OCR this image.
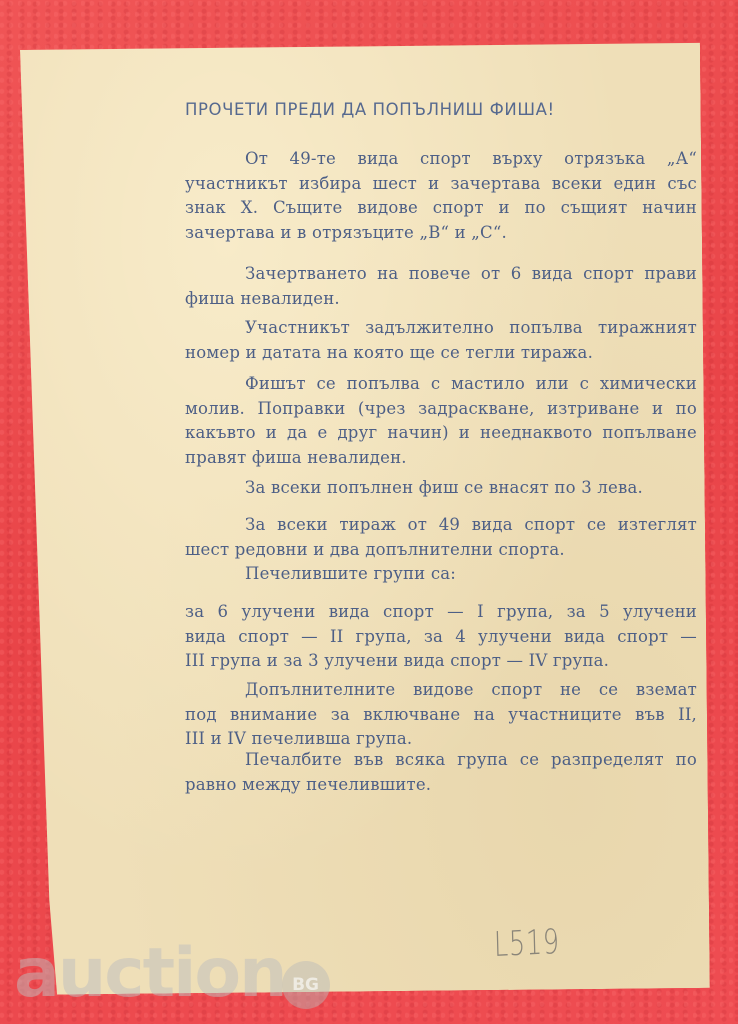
ПРОЧЕТИ ПРЕДИ ДА ПОПЪЛНИШ ФИША!
От 49-те вида спорт върху отрязъка „А“
участникът избира шест и зачертава всеки един със
знак Х. Същите видове спорт и по същият начин
зачертава и в отрязъците „В“ и „С“.
Зачертването на повече от 6 вида спорт прави
фиша невалиден.
Участникът задължително попълва тиражният
номер и датата на която ще се тегли тиража.
Фишът се попълва с мастило или с химически
молив. Поправки (чрез задраскване, изтриване и по
какъвто и да е друг начин) и нееднаквото попълване
правят фиша невалиден.
За всеки попълнен фиш се внасят по 3 лева.
За всеки тираж от 49 вида спорт се изтеглят
шест редовни и два допълнителни спорта.
Печелившите групи са:
за 6 улучени вида спорт — I група, за 5 улучени
вида спорт — II група, за 4 улучени вида спорт —
III група и за 3 улучени вида спорт — IV група.
Допълнителните видове спорт не се вземат
под внимание за включване на участниците във II,
III и IV печеливша група.
Печалбите във всяка група се разпределят по
равно между печелившите.
L519
auction BG
